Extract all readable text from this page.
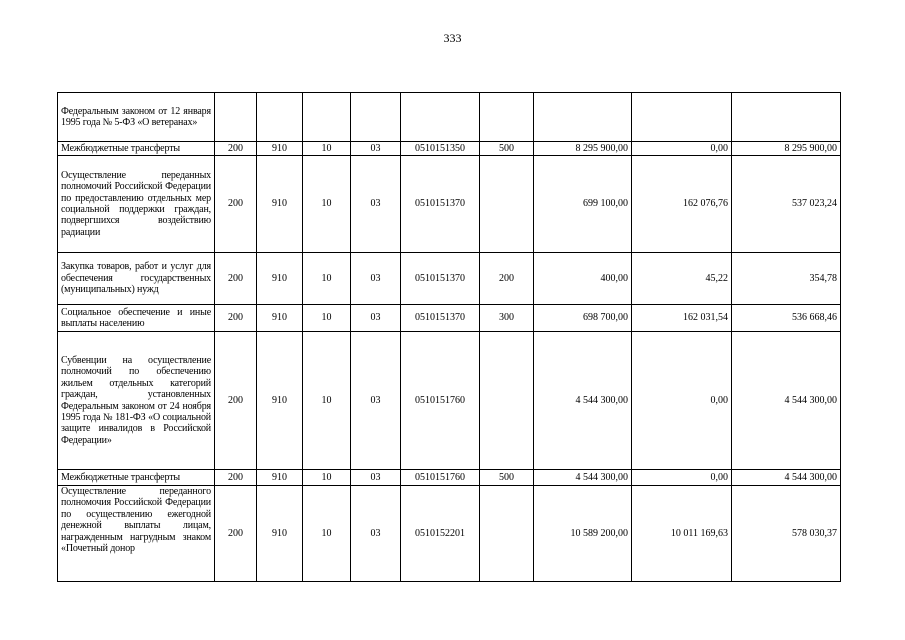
333
Федеральным законом от 12 января 1995 года № 5-ФЗ «О ветеранах»									
Межбюджетные трансферты	200	910	10	03	0510151350	500	8 295 900,00	0,00	8 295 900,00
Осуществление переданных полномочий Российской Федерации по предоставлению отдельных мер социальной поддержки граждан, подвергшихся воздействию радиации	200	910	10	03	0510151370		699 100,00	162 076,76	537 023,24
Закупка товаров, работ и услуг для обеспечения государственных (муниципальных) нужд	200	910	10	03	0510151370	200	400,00	45,22	354,78
Социальное обеспечение и иные выплаты населению	200	910	10	03	0510151370	300	698 700,00	162 031,54	536 668,46
Субвенции на осуществление полномочий по обеспечению жильем отдельных категорий граждан, установленных Федеральным законом от 24 ноября 1995 года № 181-ФЗ «О социальной защите инвалидов в Российской Федерации»	200	910	10	03	0510151760		4 544 300,00	0,00	4 544 300,00
Межбюджетные трансферты	200	910	10	03	0510151760	500	4 544 300,00	0,00	4 544 300,00
Осуществление переданного полномочия Российской Федерации по осуществлению ежегодной денежной выплаты лицам, награжденным нагрудным знаком «Почетный донор	200	910	10	03	0510152201		10 589 200,00	10 011 169,63	578 030,37
